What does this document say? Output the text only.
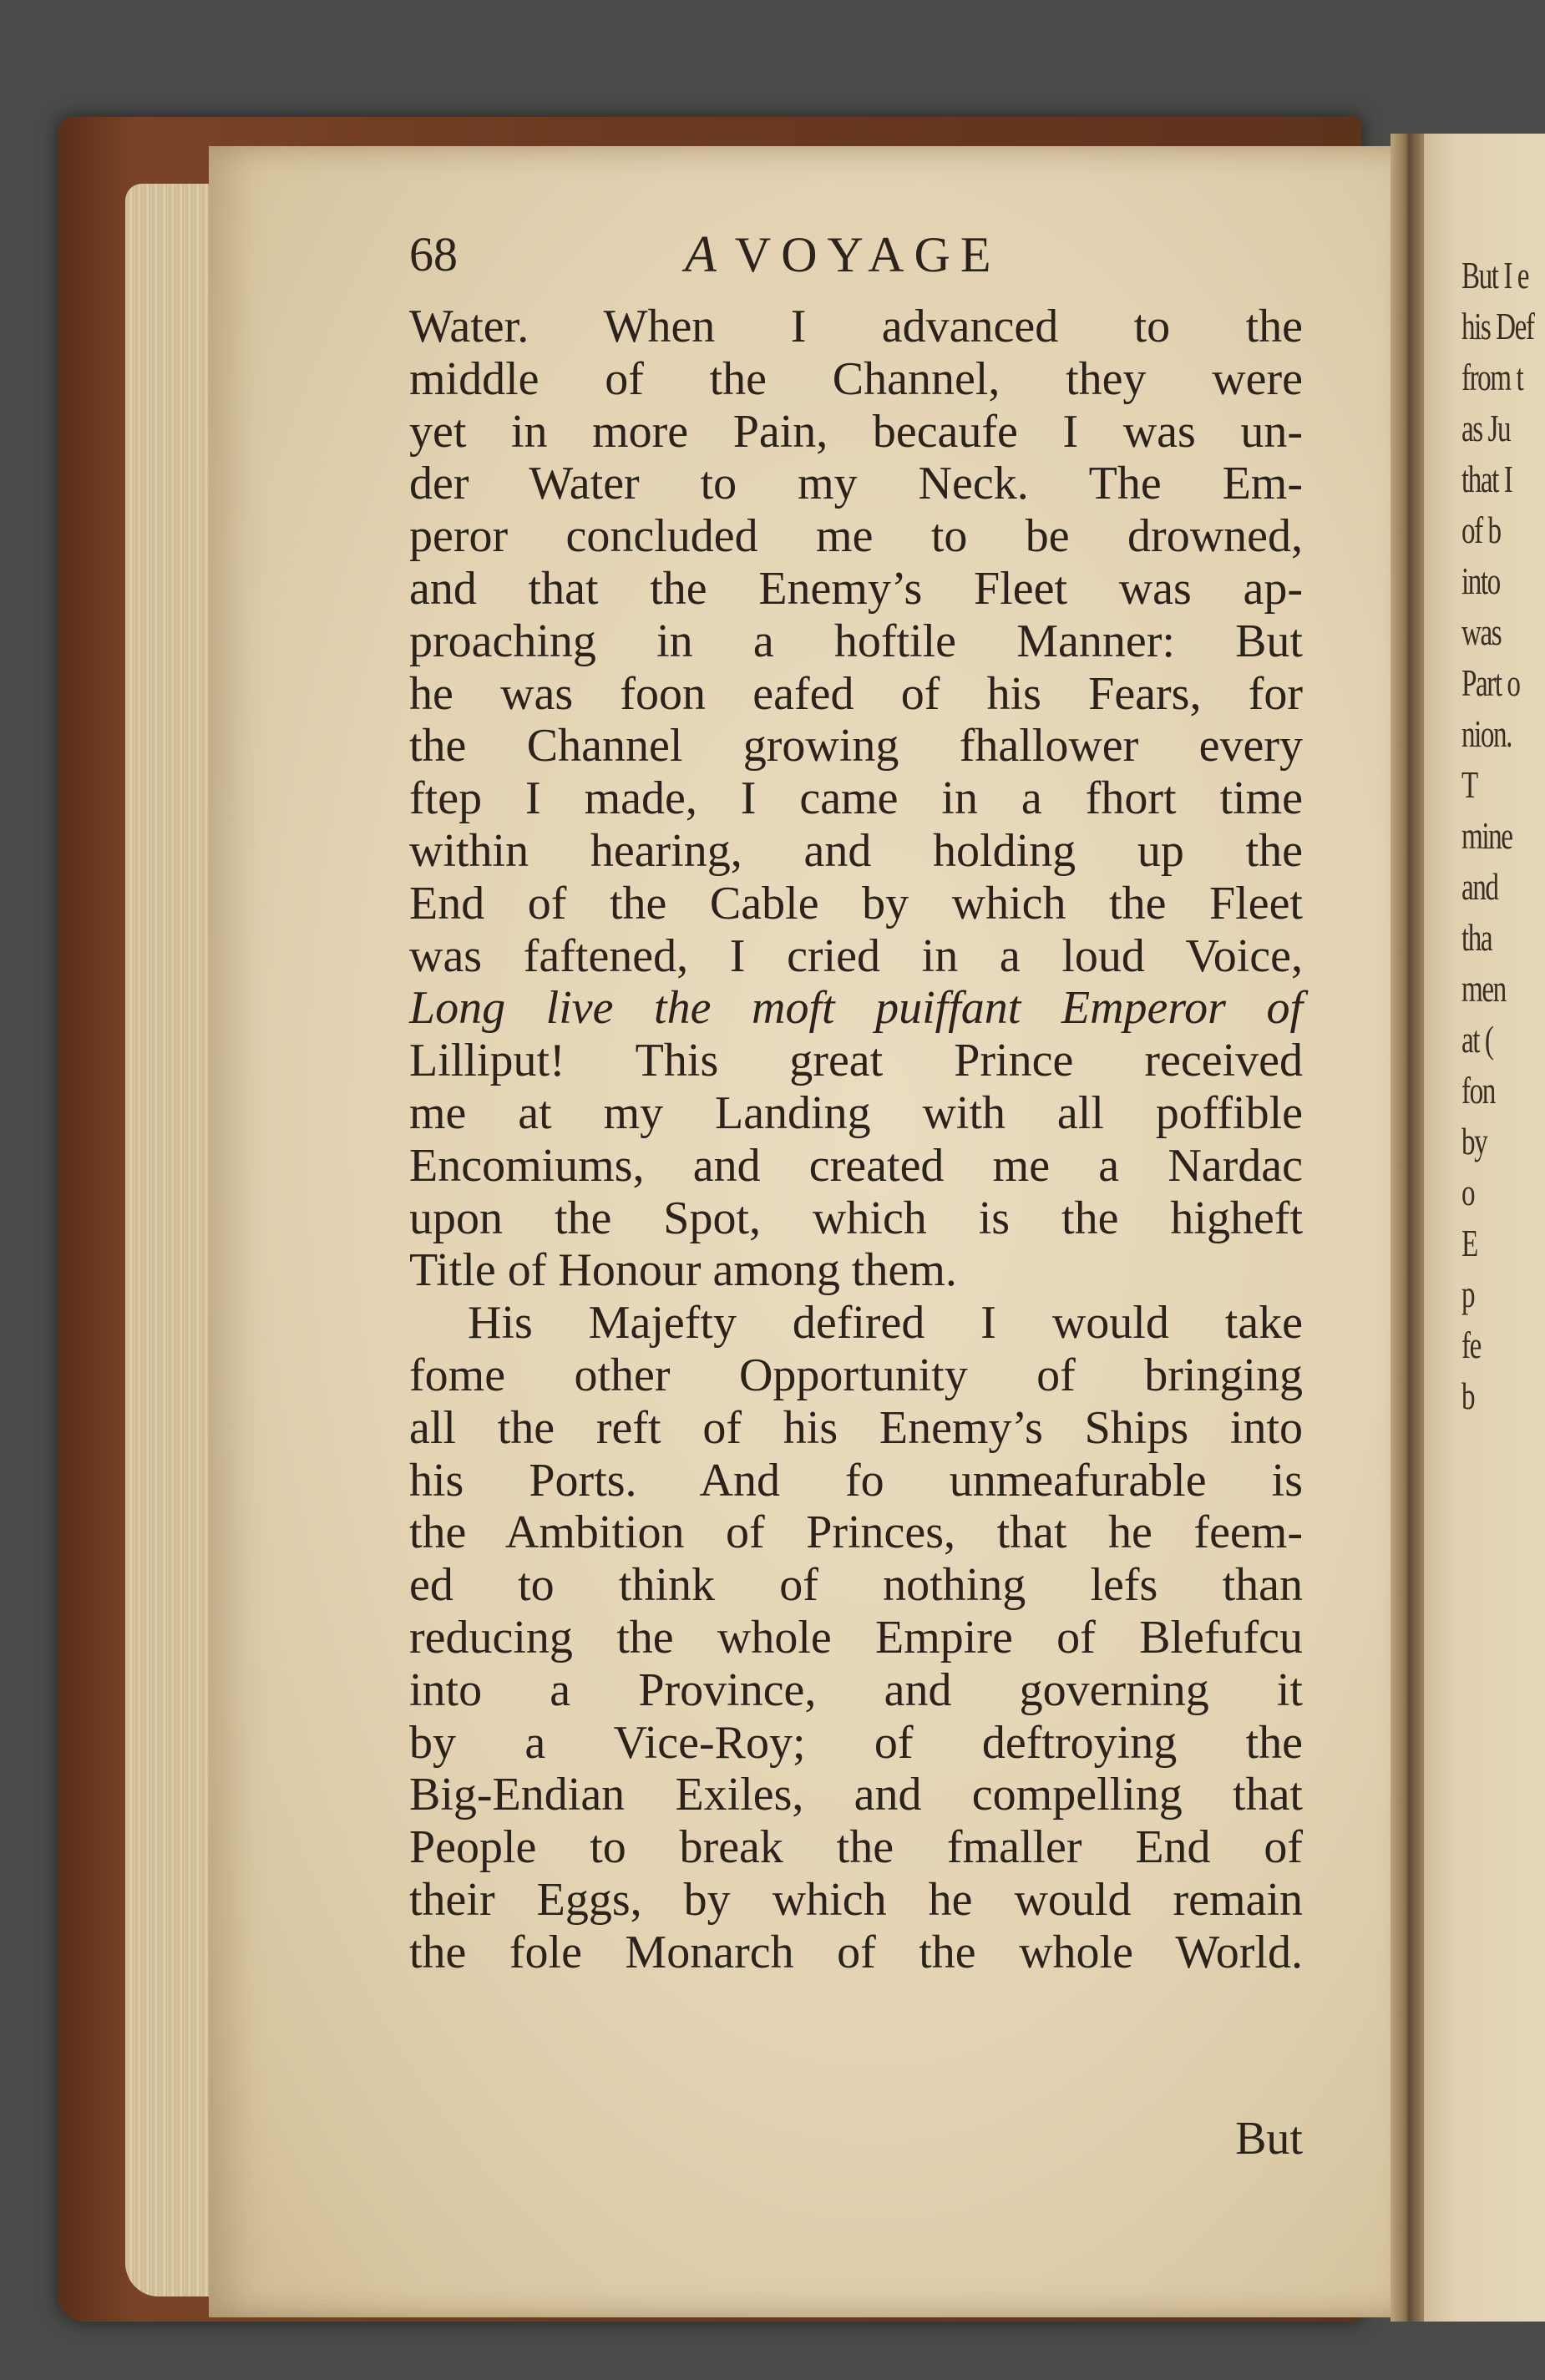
But I e
his Def
from t
as Ju
that I
of b
into
was
Part o
nion.
T
mine
and
tha
men
at (
fon
by
o
E
p
fe
b
68	AVOYAGE
Water. When I advanced to the
middle of the Channel, they were
yet in more Pain, becaufe I was un-
der Water to my Neck. The Em-
peror concluded me to be drowned,
and that the Enemy’s Fleet was ap-
proaching in a hoftile Manner: But
he was foon eafed of his Fears, for
the Channel growing fhallower every
ftep I made, I came in a fhort time
within hearing, and holding up the
End of the Cable by which the Fleet
was faftened, I cried in a loud Voice,
Long live the moft puiffant Emperor of
Lilliput! This great Prince received
me at my Landing with all poffible
Encomiums, and created me a Nardac
upon the Spot, which is the higheft
Title of Honour among them.
His Majefty defired I would take
fome other Opportunity of bringing
all the reft of his Enemy’s Ships into
his Ports. And fo unmeafurable is
the Ambition of Princes, that he feem-
ed to think of nothing lefs than
reducing the whole Empire of Blefufcu
into a Province, and governing it
by a Vice-Roy; of deftroying the
Big-Endian Exiles, and compelling that
People to break the fmaller End of
their Eggs, by which he would remain
the fole Monarch of the whole World.
But
